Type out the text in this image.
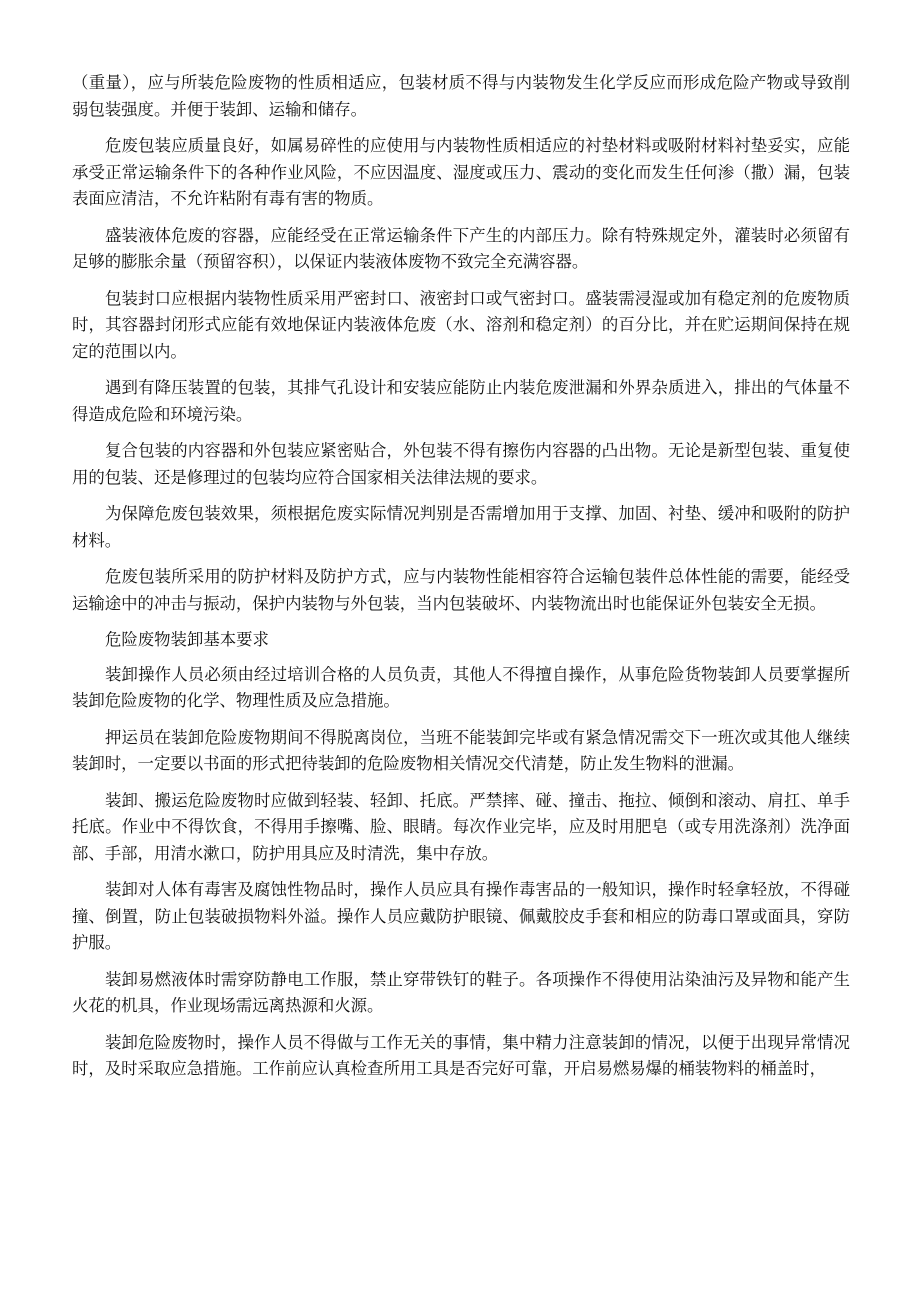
（重量），应与所装危险废物的性质相适应，包装材质不得与内装物发生化学反应而形成危险产物或导致削弱包装强度。并便于装卸、运输和储存。

危废包装应质量良好，如属易碎性的应使用与内装物性质相适应的衬垫材料或吸附材料衬垫妥实，应能承受正常运输条件下的各种作业风险，不应因温度、湿度或压力、震动的变化而发生任何渗（撒）漏，包装表面应清洁，不允许粘附有毒有害的物质。

盛装液体危废的容器，应能经受在正常运输条件下产生的内部压力。除有特殊规定外，灌装时必须留有足够的膨胀余量（预留容积），以保证内装液体废物不致完全充满容器。

包装封口应根据内装物性质采用严密封口、液密封口或气密封口。盛装需浸湿或加有稳定剂的危废物质时，其容器封闭形式应能有效地保证内装液体危废（水、溶剂和稳定剂）的百分比，并在贮运期间保持在规定的范围以内。

遇到有降压装置的包装，其排气孔设计和安装应能防止内装危废泄漏和外界杂质进入，排出的气体量不得造成危险和环境污染。

复合包装的内容器和外包装应紧密贴合，外包装不得有擦伤内容器的凸出物。无论是新型包装、重复使用的包装、还是修理过的包装均应符合国家相关法律法规的要求。

为保障危废包装效果，须根据危废实际情况判别是否需增加用于支撑、加固、衬垫、缓冲和吸附的防护材料。

危废包装所采用的防护材料及防护方式，应与内装物性能相容符合运输包装件总体性能的需要，能经受运输途中的冲击与振动，保护内装物与外包装，当内包装破坏、内装物流出时也能保证外包装安全无损。

危险废物装卸基本要求

装卸操作人员必须由经过培训合格的人员负责，其他人不得擅自操作，从事危险货物装卸人员要掌握所装卸危险废物的化学、物理性质及应急措施。

押运员在装卸危险废物期间不得脱离岗位，当班不能装卸完毕或有紧急情况需交下一班次或其他人继续装卸时，一定要以书面的形式把待装卸的危险废物相关情况交代清楚，防止发生物料的泄漏。

装卸、搬运危险废物时应做到轻装、轻卸、托底。严禁摔、碰、撞击、拖拉、倾倒和滚动、肩扛、单手托底。作业中不得饮食，不得用手擦嘴、脸、眼睛。每次作业完毕，应及时用肥皂（或专用洗涤剂）洗净面部、手部，用清水漱口，防护用具应及时清洗，集中存放。

装卸对人体有毒害及腐蚀性物品时，操作人员应具有操作毒害品的一般知识，操作时轻拿轻放，不得碰撞、倒置，防止包装破损物料外溢。操作人员应戴防护眼镜、佩戴胶皮手套和相应的防毒口罩或面具，穿防护服。

装卸易燃液体时需穿防静电工作服，禁止穿带铁钉的鞋子。各项操作不得使用沾染油污及异物和能产生火花的机具，作业现场需远离热源和火源。

装卸危险废物时，操作人员不得做与工作无关的事情，集中精力注意装卸的情况，以便于出现异常情况时，及时采取应急措施。工作前应认真检查所用工具是否完好可靠，开启易燃易爆的桶装物料的桶盖时，
